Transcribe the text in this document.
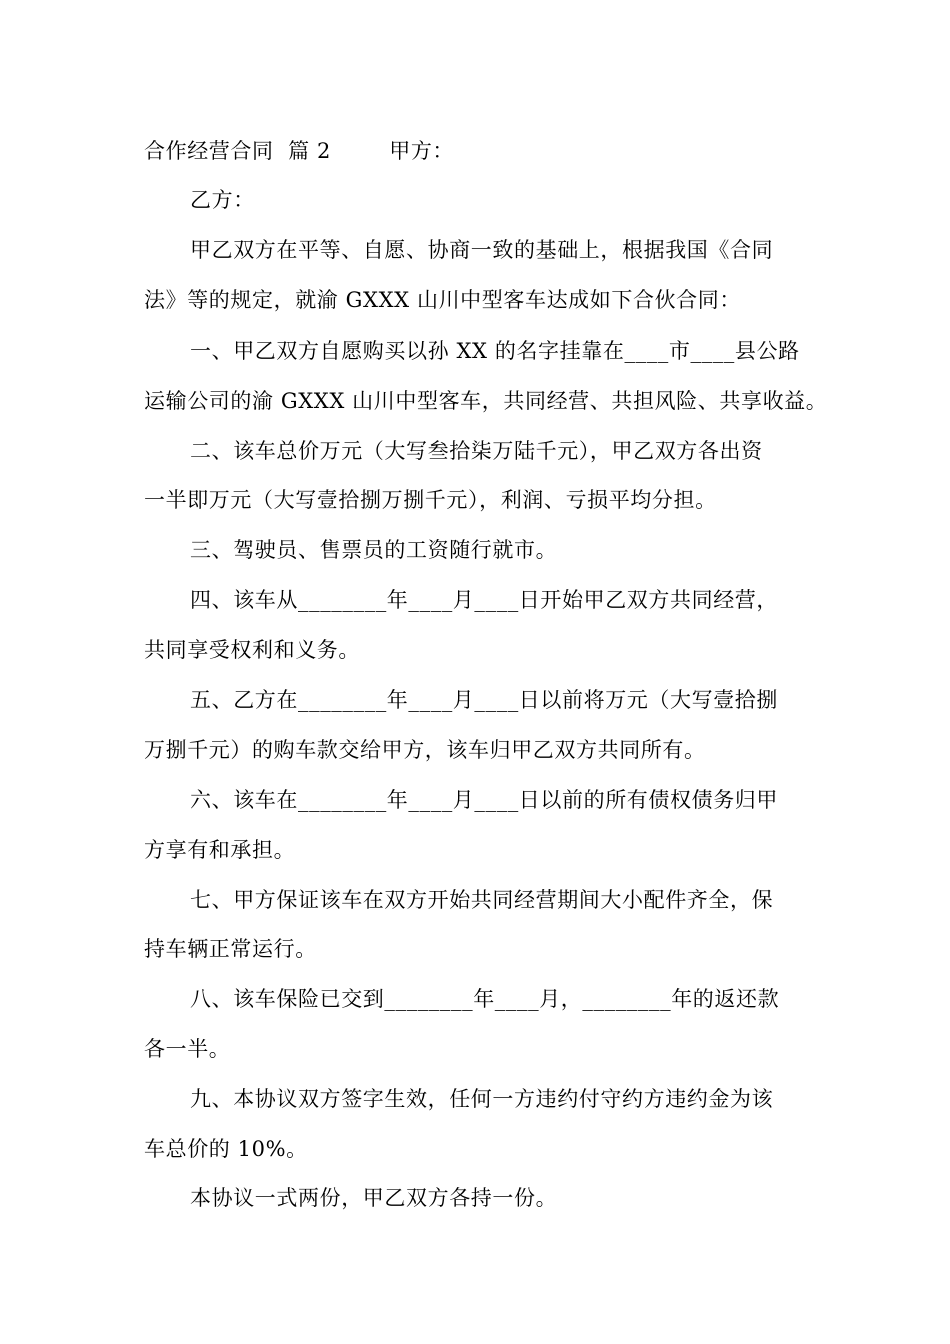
合作经营合同 篇 2	甲方：
乙方：
甲乙双方在平等、自愿、协商一致的基础上，根据我国《合同
法》等的规定，就渝 GXXX 山川中型客车达成如下合伙合同：
一、甲乙双方自愿购买以孙 XX 的名字挂靠在____市____县公路
运输公司的渝 GXXX 山川中型客车，共同经营、共担风险、共享收益。
二、该车总价万元（大写叁拾柒万陆千元），甲乙双方各出资
一半即万元（大写壹拾捌万捌千元），利润、亏损平均分担。
三、驾驶员、售票员的工资随行就市。
四、该车从________年____月____日开始甲乙双方共同经营，
共同享受权利和义务。
五、乙方在________年____月____日以前将万元（大写壹拾捌
万捌千元）的购车款交给甲方，该车归甲乙双方共同所有。
六、该车在________年____月____日以前的所有债权债务归甲
方享有和承担。
七、甲方保证该车在双方开始共同经营期间大小配件齐全，保
持车辆正常运行。
八、该车保险已交到________年____月，________年的返还款
各一半。
九、本协议双方签字生效，任何一方违约付守约方违约金为该
车总价的 10%。
本协议一式两份，甲乙双方各持一份。
